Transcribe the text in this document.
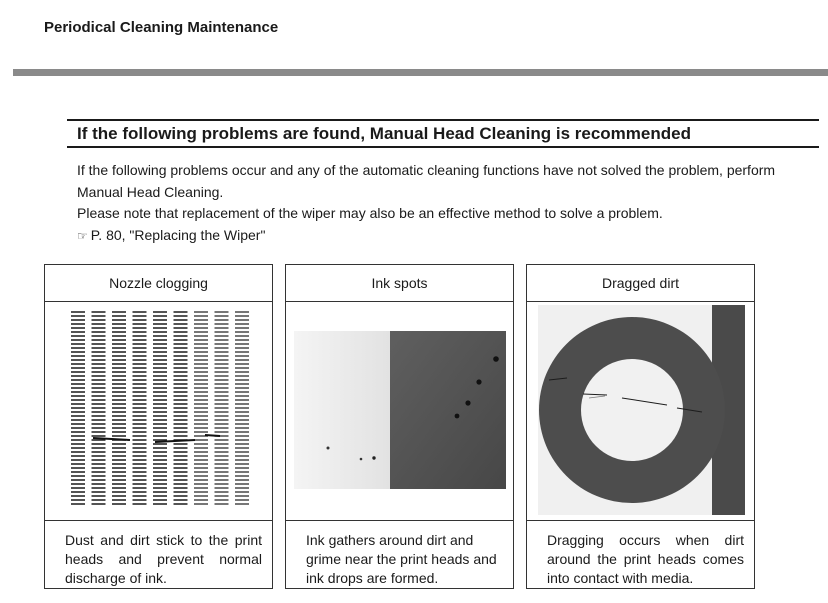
Periodical Cleaning Maintenance
If the following problems are found, Manual Head Cleaning is recommended

If the following problems occur and any of the automatic cleaning functions have not solved the problem, perform Manual Head Cleaning.

Please note that replacement of the wiper may also be an effective method to solve a problem.

☞ P. 80, "Replacing the Wiper"

Nozzle clogging
Dust and dirt stick to the print heads and prevent normal discharge of ink.
Ink spots
Ink gathers around dirt and grime near the print heads and ink drops are formed.
Dragged dirt
Dragging occurs when dirt around the print heads comes into contact with media.
